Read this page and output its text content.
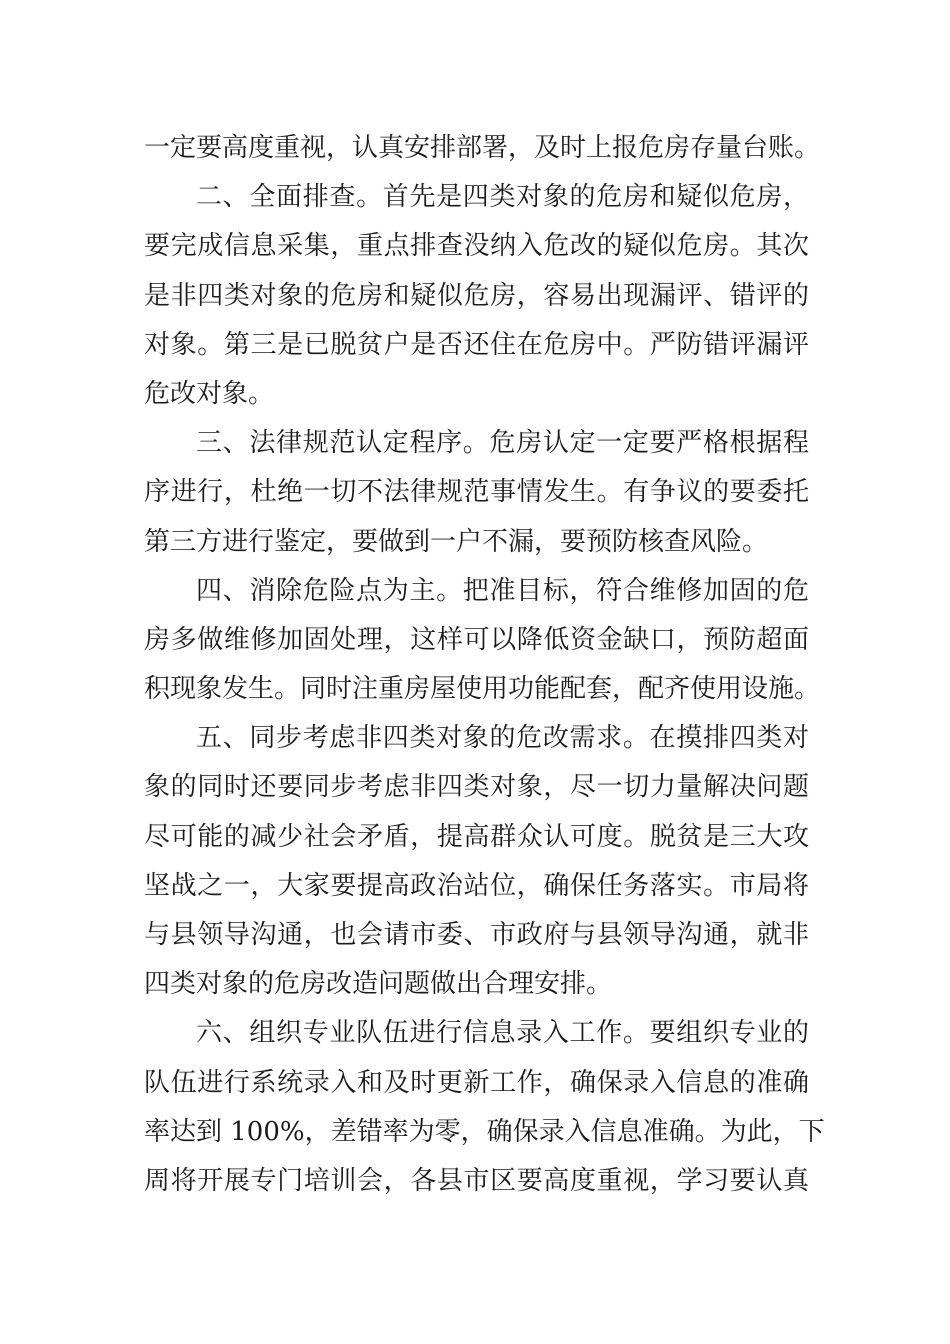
一定要高度重视，认真安排部署，及时上报危房存量台账。
二、全面排查。首先是四类对象的危房和疑似危房，
要完成信息采集，重点排查没纳入危改的疑似危房。其次
是非四类对象的危房和疑似危房，容易出现漏评、错评的
对象。第三是已脱贫户是否还住在危房中。严防错评漏评
危改对象。
三、法律规范认定程序。危房认定一定要严格根据程
序进行，杜绝一切不法律规范事情发生。有争议的要委托
第三方进行鉴定，要做到一户不漏，要预防核查风险。
四、消除危险点为主。把准目标，符合维修加固的危
房多做维修加固处理，这样可以降低资金缺口，预防超面
积现象发生。同时注重房屋使用功能配套，配齐使用设施。
五、同步考虑非四类对象的危改需求。在摸排四类对
象的同时还要同步考虑非四类对象，尽一切力量解决问题
尽可能的减少社会矛盾，提高群众认可度。脱贫是三大攻
坚战之一，大家要提高政治站位，确保任务落实。市局将
与县领导沟通，也会请市委、市政府与县领导沟通，就非
四类对象的危房改造问题做出合理安排。
六、组织专业队伍进行信息录入工作。要组织专业的
队伍进行系统录入和及时更新工作，确保录入信息的准确
率达到 100%，差错率为零，确保录入信息准确。为此，下
周将开展专门培训会，各县市区要高度重视，学习要认真
